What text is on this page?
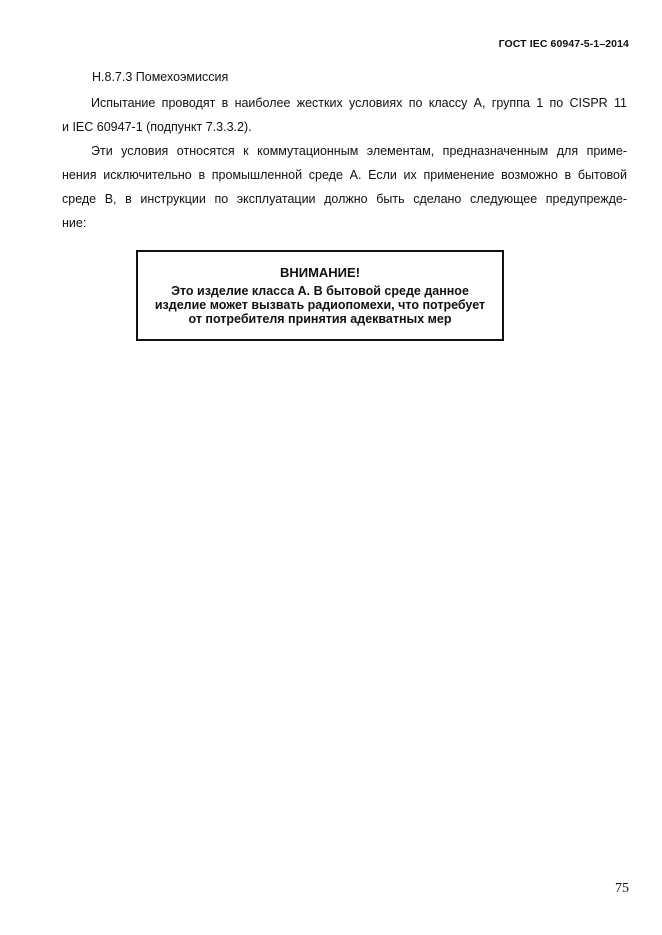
ГОСТ IEC 60947-5-1–2014
Н.8.7.3 Помехоэмиссия
Испытание проводят в наиболее жестких условиях по классу А, группа 1 по CISPR 11
и IEC 60947-1 (подпункт 7.3.3.2).
Эти условия относятся к коммутационным элементам, предназначенным для приме-
нения исключительно в промышленной среде А. Если их применение возможно в бытовой
среде В, в инструкции по эксплуатации должно быть сделано следующее предупрежде-
ние:
ВНИМАНИЕ!
Это изделие класса А. В бытовой среде данное
изделие может вызвать радиопомехи, что потребует
от потребителя принятия адекватных мер
75
